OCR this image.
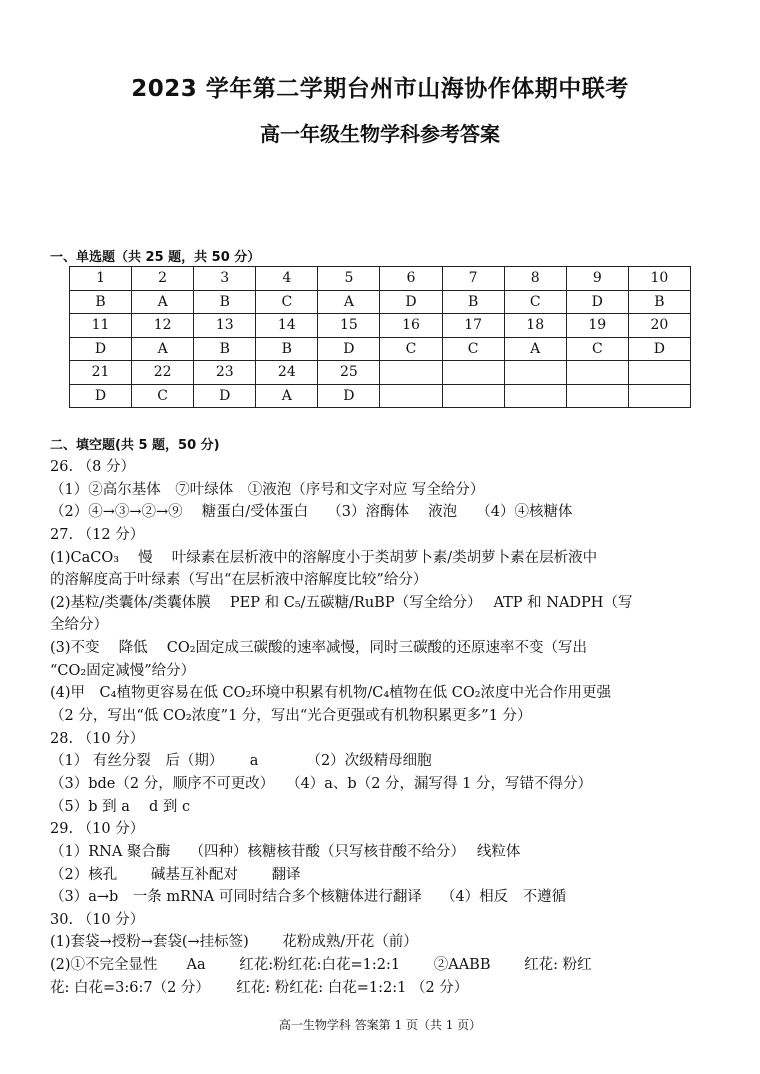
2023 学年第二学期台州市山海协作体期中联考
高一年级生物学科参考答案
一、单选题（共 25 题，共 50 分）
1	2	3	4	5	6	7	8	9	10
B	A	B	C	A	D	B	C	D	B
11	12	13	14	15	16	17	18	19	20
D	A	B	B	D	C	C	A	C	D
21	22	23	24	25					
D	C	D	A	D					
二、填空题(共 5 题，50 分)
26. （8 分）
（1）②高尔基体　⑦叶绿体　①液泡（序号和文字对应 写全给分）
（2）④→③→②→⑨　 糖蛋白/受体蛋白　 （3）溶酶体　 液泡　 （4）④核糖体
27. （12 分）
(1)CaCO₃　 慢　 叶绿素在层析液中的溶解度小于类胡萝卜素/类胡萝卜素在层析液中
的溶解度高于叶绿素（写出“在层析液中溶解度比较”给分）
(2)基粒/类囊体/类囊体膜　 PEP 和 C₅/五碳糖/RuBP（写全给分）　 ATP 和 NADPH（写
全给分）
(3)不变　 降低　 CO₂固定成三碳酸的速率减慢，同时三碳酸的还原速率不变（写出
“CO₂固定减慢”给分）
(4)甲　C₄植物更容易在低 CO₂环境中积累有机物/C₄植物在低 CO₂浓度中光合作用更强
（2 分，写出“低 CO₂浓度”1 分，写出“光合更强或有机物积累更多”1 分）
28. （10 分）
（1） 有丝分裂　后（期）　　 a　　　 （2）次级精母细胞
（3）bde（2 分，顺序不可更改）　 （4）a、b（2 分，漏写得 1 分，写错不得分）
（5）b 到 a　 d 到 c
29. （10 分）
（1）RNA 聚合酶　 （四种）核糖核苷酸（只写核苷酸不给分）　 线粒体
（2）核孔　　 碱基互补配对　　 翻译
（3）a→b　一条 mRNA 可同时结合多个核糖体进行翻译　 （4）相反　不遵循
30. （10 分）
(1)套袋→授粉→套袋(→挂标签)　　 花粉成熟/开花（前）
(2)①不完全显性　　Aa　　 红花:粉红花:白花=1:2:1　　 ②AABB　　 红花: 粉红
花: 白花=3:6:7（2 分）　　 红花: 粉红花: 白花=1:2:1 （2 分）
高一生物学科 答案第 1 页（共 1 页）
